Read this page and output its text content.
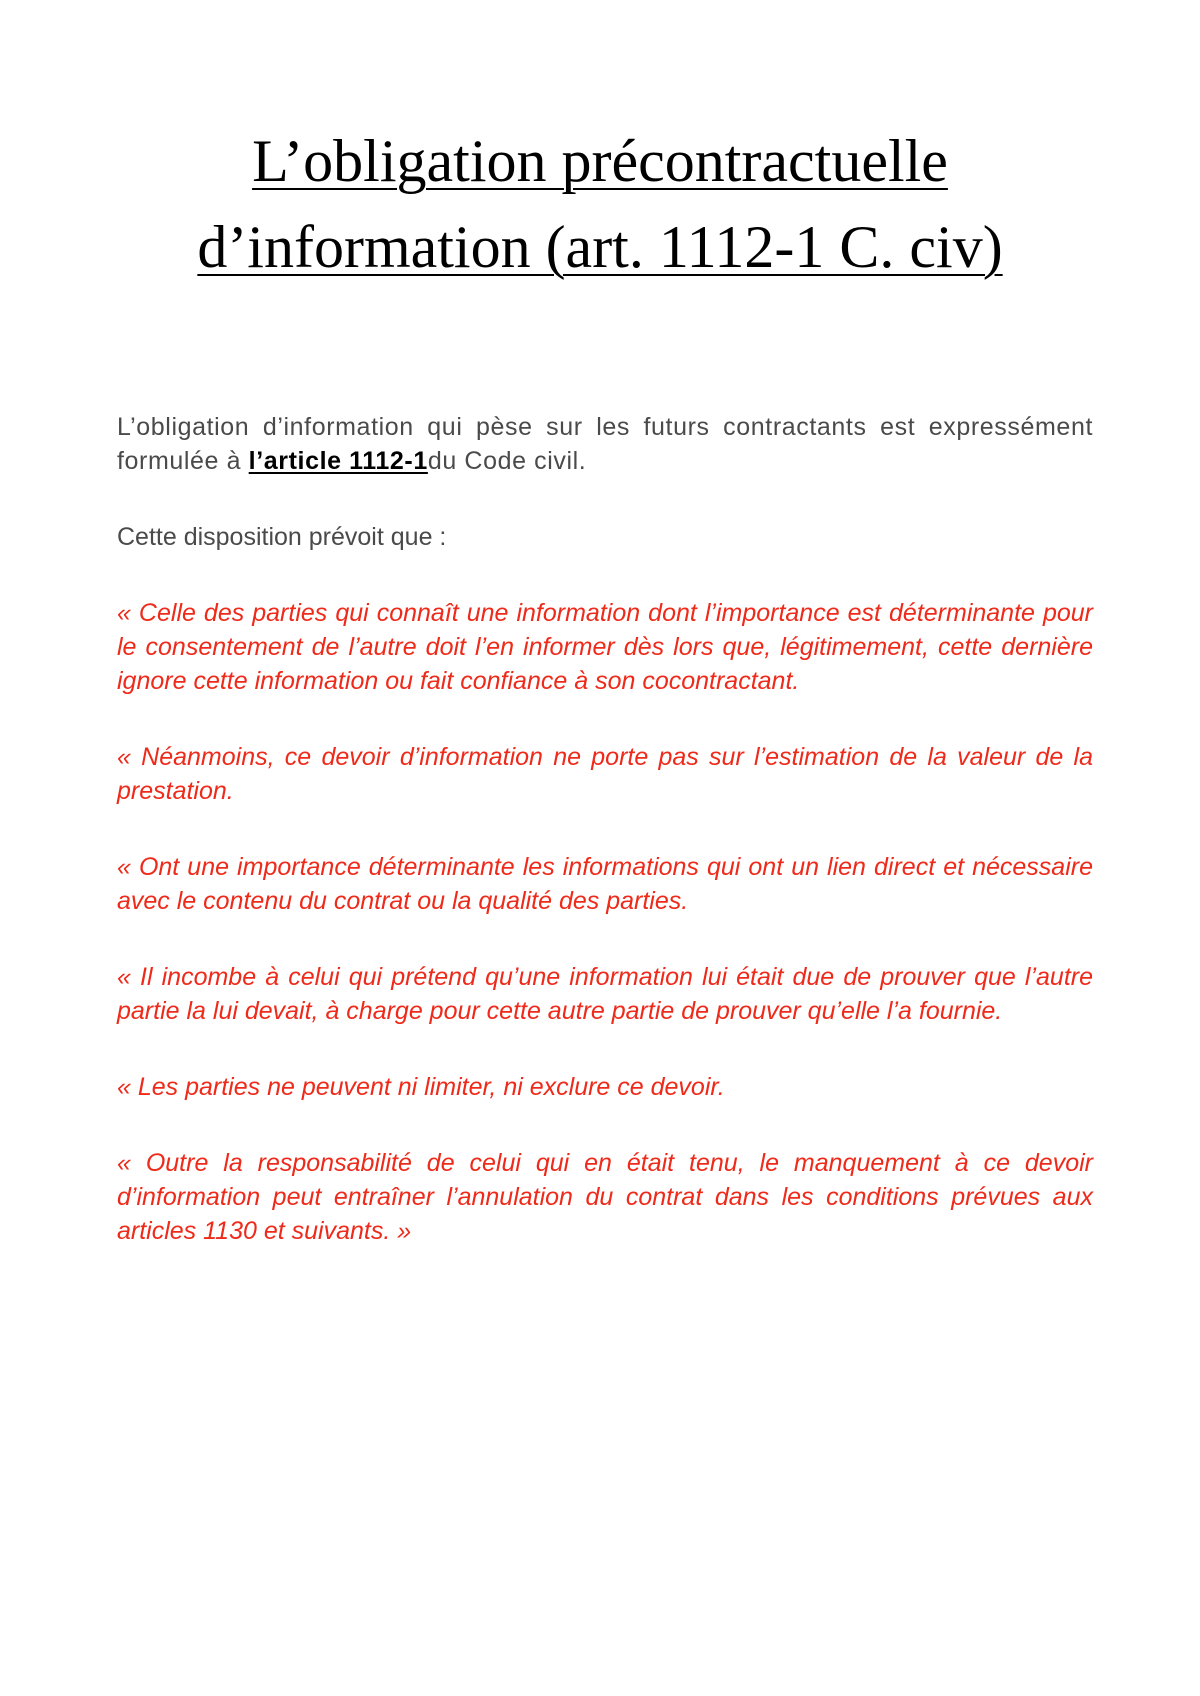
L’obligation précontractuelle
d’information (art. 1112-1 C. civ)

L’obligation d’information qui pèse sur les futurs contractants est expressément formulée à l’article 1112-1du Code civil.

Cette disposition prévoit que :

« Celle des parties qui connaît une information dont l’importance est déterminante pour le consentement de l’autre doit l’en informer dès lors que, légitimement, cette dernière ignore cette information ou fait confiance à son cocontractant.

« Néanmoins, ce devoir d’information ne porte pas sur l’estimation de la valeur de la prestation.

« Ont une importance déterminante les informations qui ont un lien direct et nécessaire avec le contenu du contrat ou la qualité des parties.

« Il incombe à celui qui prétend qu’une information lui était due de prouver que l’autre partie la lui devait, à charge pour cette autre partie de prouver qu’elle l’a fournie.

« Les parties ne peuvent ni limiter, ni exclure ce devoir.

« Outre la responsabilité de celui qui en était tenu, le manquement à ce devoir d’information peut entraîner l’annulation du contrat dans les conditions prévues aux articles 1130 et suivants. »
